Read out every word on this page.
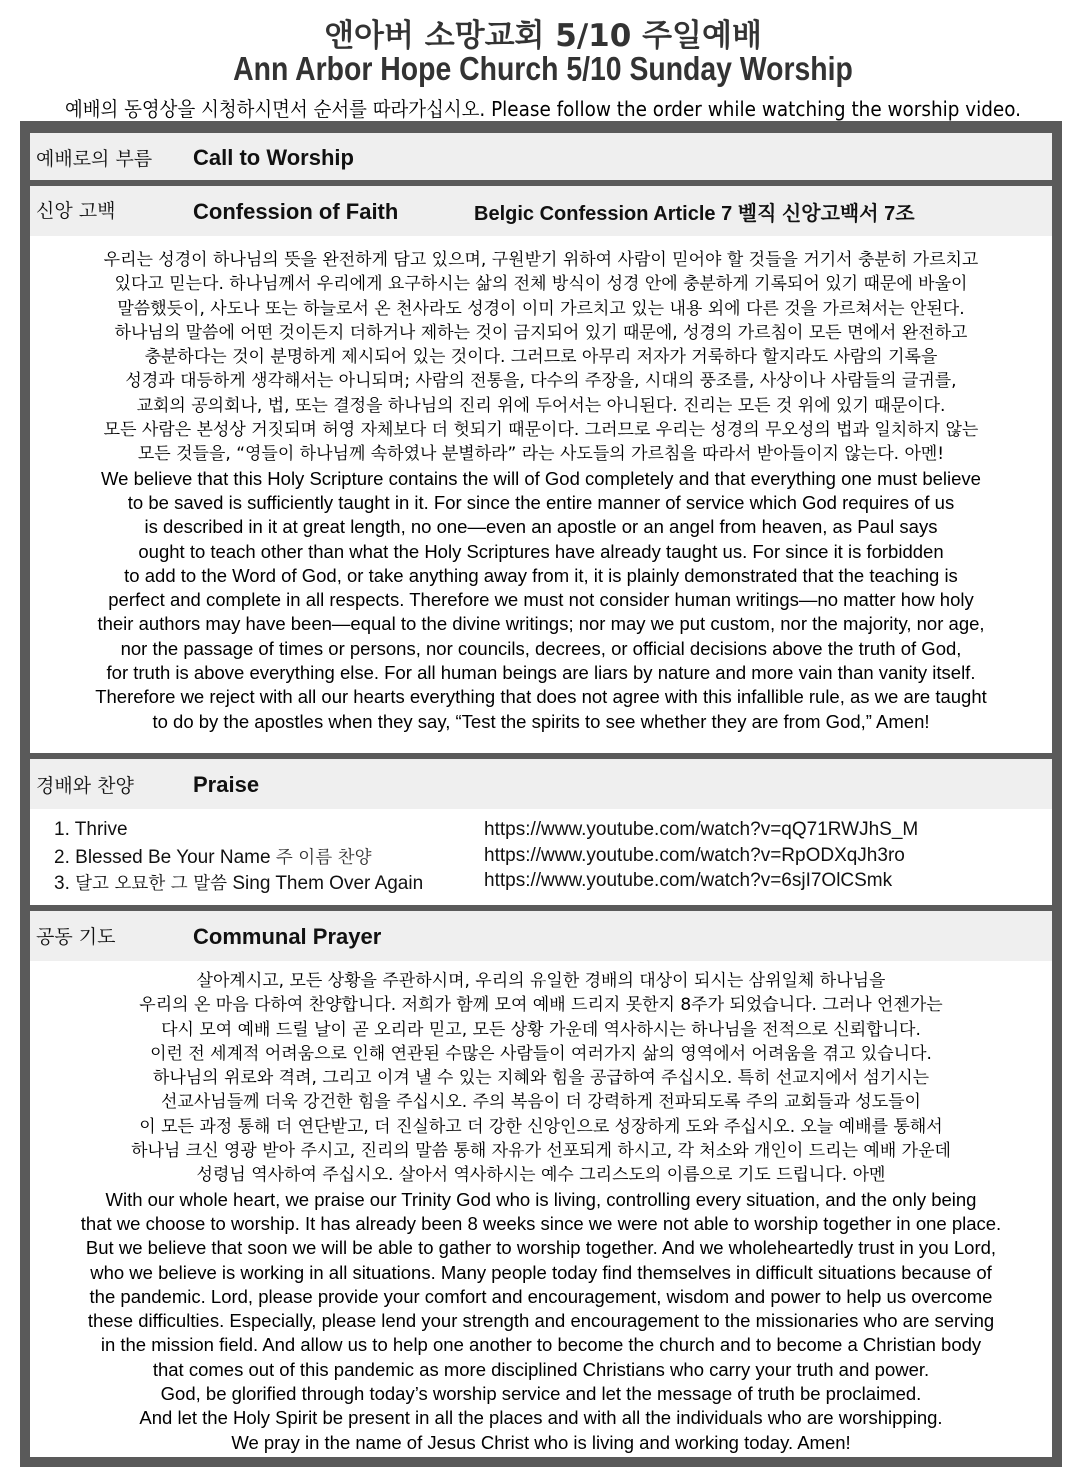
앤아버 소망교회 5/10 주일예배
Ann Arbor Hope Church 5/10 Sunday Worship
예배의 동영상을 시청하시면서 순서를 따라가십시오. Please follow the order while watching the worship video.
예배로의 부름 Call to Worship
신앙 고백	Confession of Faith	Belgic Confession Article 7 벨직 신앙고백서 7조
우리는 성경이 하나님의 뜻을 완전하게 담고 있으며, 구원받기 위하여 사람이 믿어야 할 것들을 거기서 충분히 가르치고
있다고 믿는다. 하나님께서 우리에게 요구하시는 삶의 전체 방식이 성경 안에 충분하게 기록되어 있기 때문에 바울이
말씀했듯이, 사도나 또는 하늘로서 온 천사라도 성경이 이미 가르치고 있는 내용 외에 다른 것을 가르쳐서는 안된다.
하나님의 말씀에 어떤 것이든지 더하거나 제하는 것이 금지되어 있기 때문에, 성경의 가르침이 모든 면에서 완전하고
충분하다는 것이 분명하게 제시되어 있는 것이다. 그러므로 아무리 저자가 거룩하다 할지라도 사람의 기록을
성경과 대등하게 생각해서는 아니되며; 사람의 전통을, 다수의 주장을, 시대의 풍조를, 사상이나 사람들의 글귀를,
교회의 공의회나, 법, 또는 결정을 하나님의 진리 위에 두어서는 아니된다. 진리는 모든 것 위에 있기 때문이다.
모든 사람은 본성상 거짓되며 허영 자체보다 더 헛되기 때문이다. 그러므로 우리는 성경의 무오성의 법과 일치하지 않는
모든 것들을, “영들이 하나님께 속하였나 분별하라” 라는 사도들의 가르침을 따라서 받아들이지 않는다. 아멘!
We believe that this Holy Scripture contains the will of God completely and that everything one must believe
to be saved is sufficiently taught in it. For since the entire manner of service which God requires of us
is described in it at great length, no one—even an apostle or an angel from heaven, as Paul says
ought to teach other than what the Holy Scriptures have already taught us. For since it is forbidden
to add to the Word of God, or take anything away from it, it is plainly demonstrated that the teaching is
perfect and complete in all respects. Therefore we must not consider human writings—no matter how holy
their authors may have been—equal to the divine writings; nor may we put custom, nor the majority, nor age,
nor the passage of times or persons, nor councils, decrees, or official decisions above the truth of God,
for truth is above everything else. For all human beings are liars by nature and more vain than vanity itself.
Therefore we reject with all our hearts everything that does not agree with this infallible rule, as we are taught
to do by the apostles when they say, “Test the spirits to see whether they are from God,” Amen!
경배와 찬양	Praise
1. Thrive	https://www.youtube.com/watch?v=qQ71RWJhS_M
2. Blessed Be Your Name 주 이름 찬양	https://www.youtube.com/watch?v=RpODXqJh3ro
3. 달고 오묘한 그 말씀 Sing Them Over Again	https://www.youtube.com/watch?v=6sjI7OlCSmk
공동 기도	Communal Prayer
살아계시고, 모든 상황을 주관하시며, 우리의 유일한 경배의 대상이 되시는 삼위일체 하나님을
우리의 온 마음 다하여 찬양합니다. 저희가 함께 모여 예배 드리지 못한지 8주가 되었습니다. 그러나 언젠가는
다시 모여 예배 드릴 날이 곧 오리라 믿고, 모든 상황 가운데 역사하시는 하나님을 전적으로 신뢰합니다.
이런 전 세계적 어려움으로 인해 연관된 수많은 사람들이 여러가지 삶의 영역에서 어려움을 겪고 있습니다.
하나님의 위로와 격려, 그리고 이겨 낼 수 있는 지혜와 힘을 공급하여 주십시오. 특히 선교지에서 섬기시는
선교사님들께 더욱 강건한 힘을 주십시오. 주의 복음이 더 강력하게 전파되도록 주의 교회들과 성도들이
이 모든 과정 통해 더 연단받고, 더 진실하고 더 강한 신앙인으로 성장하게 도와 주십시오. 오늘 예배를 통해서
하나님 크신 영광 받아 주시고, 진리의 말씀 통해 자유가 선포되게 하시고, 각 처소와 개인이 드리는 예배 가운데
성령님 역사하여 주십시오. 살아서 역사하시는 예수 그리스도의 이름으로 기도 드립니다. 아멘
With our whole heart, we praise our Trinity God who is living, controlling every situation, and the only being
that we choose to worship. It has already been 8 weeks since we were not able to worship together in one place.
But we believe that soon we will be able to gather to worship together. And we wholeheartedly trust in you Lord,
who we believe is working in all situations. Many people today find themselves in difficult situations because of
the pandemic. Lord, please provide your comfort and encouragement, wisdom and power to help us overcome
these difficulties. Especially, please lend your strength and encouragement to the missionaries who are serving
in the mission field. And allow us to help one another to become the church and to become a Christian body
that comes out of this pandemic as more disciplined Christians who carry your truth and power.
God, be glorified through today’s worship service and let the message of truth be proclaimed.
And let the Holy Spirit be present in all the places and with all the individuals who are worshipping.
We pray in the name of Jesus Christ who is living and working today. Amen!
